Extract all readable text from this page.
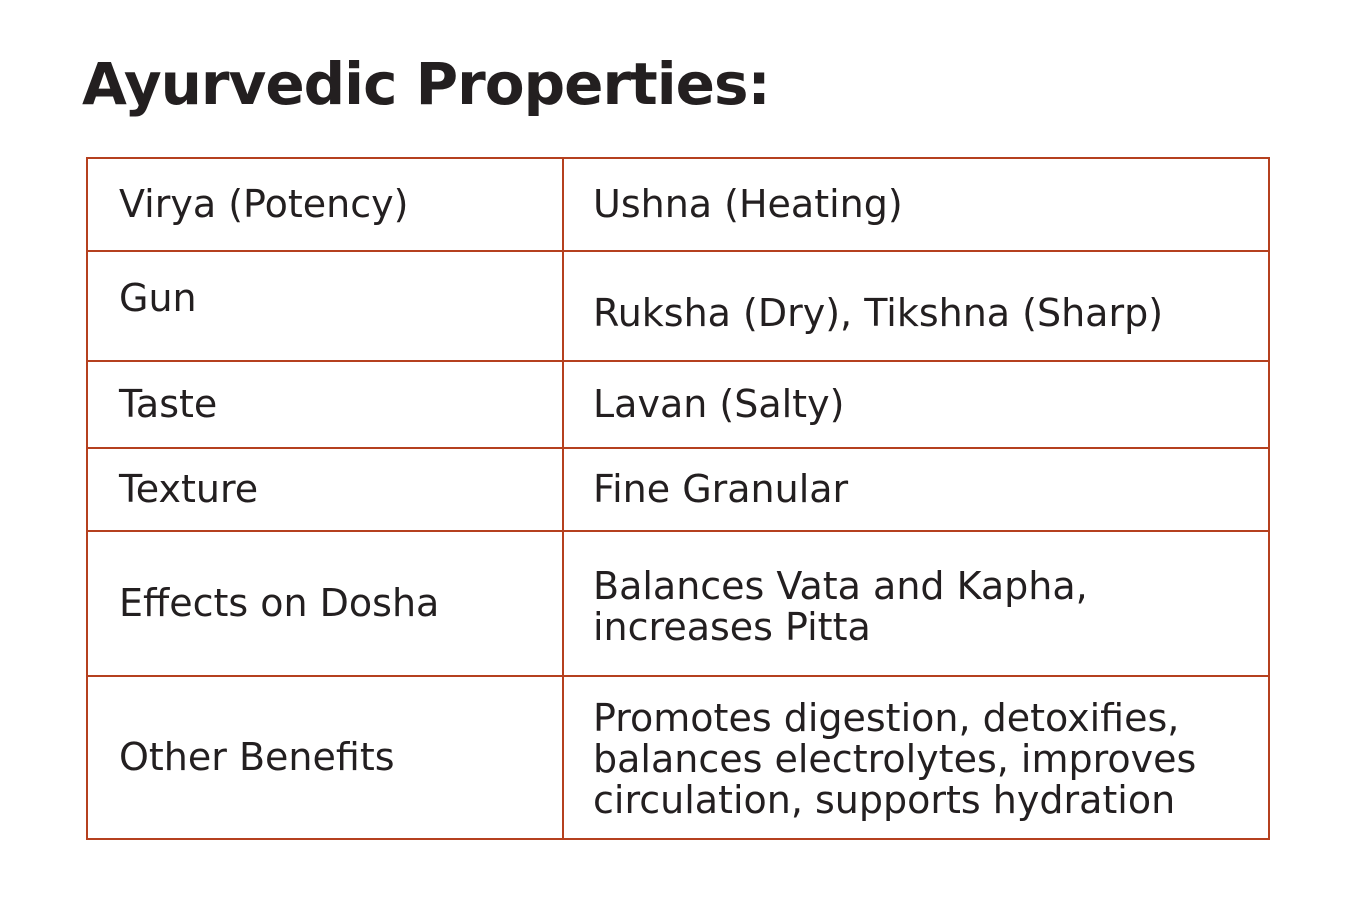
Ayurvedic Properties:
Virya (Potency)	Ushna (Heating)
Gun	Ruksha (Dry), Tikshna (Sharp)
Taste	Lavan (Salty)
Texture	Fine Granular
Effects on Dosha	Balances Vata and Kapha, increases Pitta
Other Benefits	Promotes digestion, detoxifies, balances electrolytes, improves circulation, supports hydration
